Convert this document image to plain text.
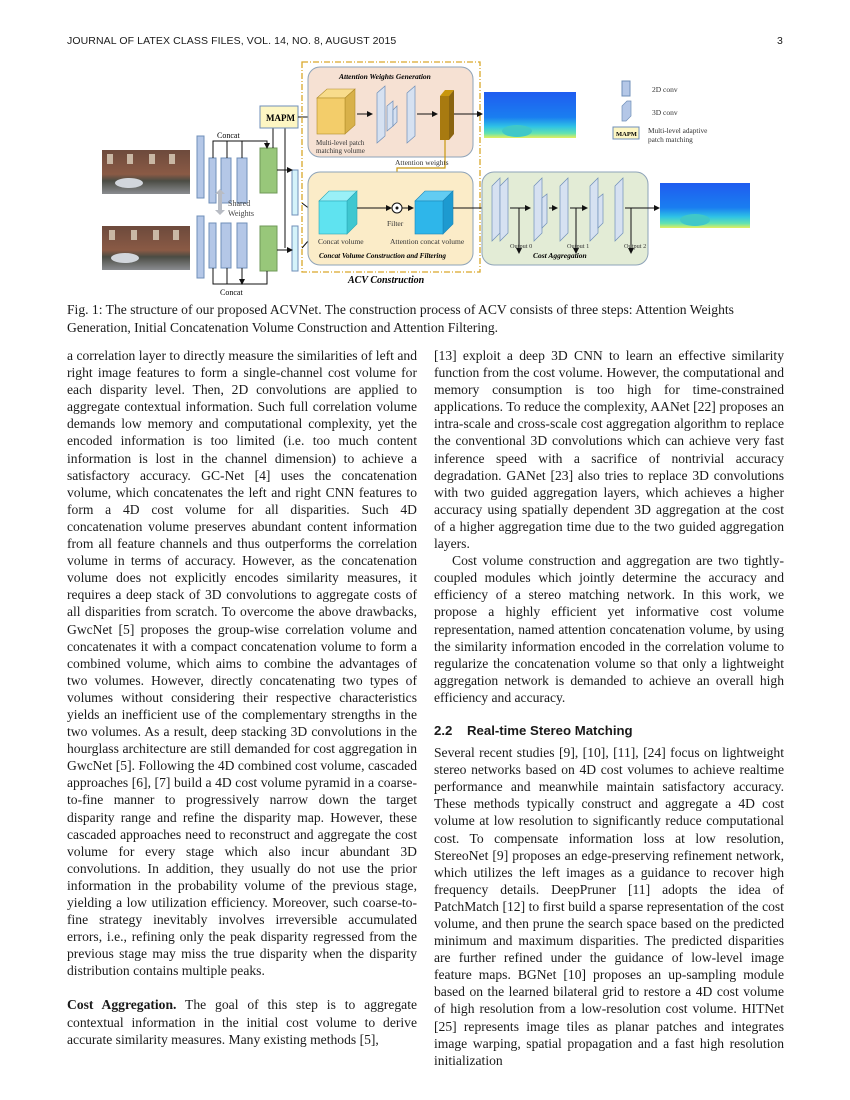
JOURNAL OF LATEX CLASS FILES, VOL. 14, NO. 8, AUGUST 2015	3
Concat
Concat
Shared
Weights
MAPM
ACV Construction
Attention Weights Generation
Multi-level patch
matching volume
Attention weights
Filter
Concat volume	Attention concat volume
Concat Volume Construction and Filtering
Output 0	Output 1	Output 2
Cost Aggregation
2D conv
3D conv
MAPM Multi-level adaptive
patch matching
Fig. 1: The structure of our proposed ACVNet. The construction process of ACV consists of three steps: Attention Weights Generation, Initial Concatenation Volume Construction and Attention Filtering.

a correlation layer to directly measure the similarities of left and right image features to form a single-channel cost volume for each disparity level. Then, 2D convolutions are applied to aggregate contextual information. Such full correlation volume demands low memory and computational complexity, yet the encoded information is too limited (i.e. too much content information is lost in the channel dimension) to achieve a satisfactory accuracy. GC-Net [4] uses the concatenation volume, which concatenates the left and right CNN features to form a 4D cost volume for all disparities. Such 4D concatenation volume preserves abundant content information from all feature channels and thus outperforms the correlation volume in terms of accuracy. However, as the concatenation volume does not explicitly encodes similarity measures, it requires a deep stack of 3D convolutions to aggregate costs of all disparities from scratch. To overcome the above drawbacks, GwcNet [5] proposes the group-wise correlation volume and concatenates it with a compact concatenation volume to form a combined volume, which aims to combine the advantages of two volumes. However, directly concatenating two types of volumes without considering their respective characteristics yields an inefficient use of the complementary strengths in the two volumes. As a result, deep stacking 3D convolutions in the hourglass architecture are still demanded for cost aggregation in GwcNet [5]. Following the 4D combined cost volume, cascaded approaches [6], [7] build a 4D cost volume pyramid in a coarse-to-fine manner to progressively narrow down the target disparity range and refine the disparity map. However, these cascaded approaches need to reconstruct and aggregate the cost volume for every stage which also incur abundant 3D convolutions. In addition, they usually do not use the prior information in the probability volume of the previous stage, yielding a low utilization efficiency. Moreover, such coarse-to-fine strategy inevitably involves irreversible accumulated errors, i.e., refining only the peak disparity regressed from the previous stage may miss the true disparity when the disparity distribution contains multiple peaks.

Cost Aggregation. The goal of this step is to aggregate contextual information in the initial cost volume to derive accurate similarity measures. Many existing methods [5],

[13] exploit a deep 3D CNN to learn an effective similarity function from the cost volume. However, the computational and memory consumption is too high for time-constrained applications. To reduce the complexity, AANet [22] proposes an intra-scale and cross-scale cost aggregation algorithm to replace the conventional 3D convolutions which can achieve very fast inference speed with a sacrifice of nontrivial accuracy degradation. GANet [23] also tries to replace 3D convolutions with two guided aggregation layers, which achieves a higher accuracy using spatially dependent 3D aggregation at the cost of a higher aggregation time due to the two guided aggregation layers.

Cost volume construction and aggregation are two tightly-coupled modules which jointly determine the accuracy and efficiency of a stereo matching network. In this work, we propose a highly efficient yet informative cost volume representation, named attention concatenation volume, by using the similarity information encoded in the correlation volume to regularize the concatenation volume so that only a lightweight aggregation network is demanded to achieve an overall high efficiency and accuracy.

2.2 Real-time Stereo Matching

Several recent studies [9], [10], [11], [24] focus on lightweight stereo networks based on 4D cost volumes to achieve realtime performance and meanwhile maintain satisfactory accuracy. These methods typically construct and aggregate a 4D cost volume at low resolution to significantly reduce computational cost. To compensate information loss at low resolution, StereoNet [9] proposes an edge-preserving refinement network, which utilizes the left images as a guidance to recover high frequency details. DeepPruner [11] adopts the idea of PatchMatch [12] to first build a sparse representation of the cost volume, and then prune the search space based on the predicted minimum and maximum disparities. The predicted disparities are further refined under the guidance of low-level image feature maps. BGNet [10] proposes an up-sampling module based on the learned bilateral grid to restore a 4D cost volume of high resolution from a low-resolution cost volume. HITNet [25] represents image tiles as planar patches and integrates image warping, spatial propagation and a fast high resolution initialization
